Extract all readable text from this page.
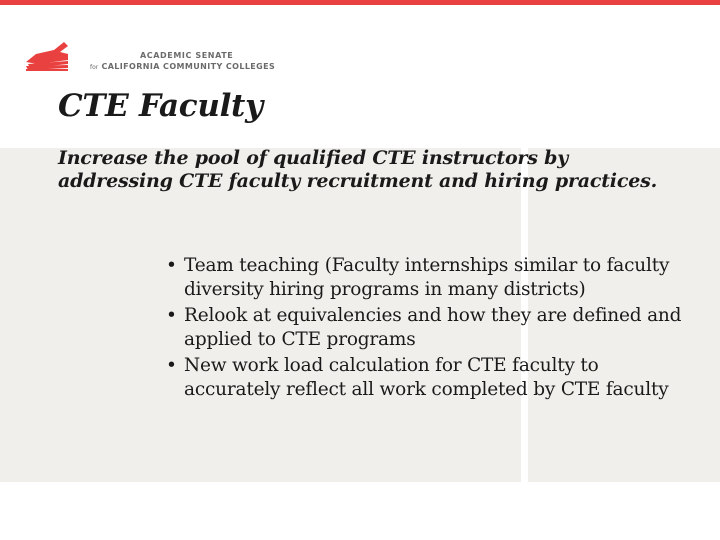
ACADEMIC SENATE
for CALIFORNIA COMMUNITY COLLEGES
CTE Faculty

Increase the pool of qualified CTE instructors by addressing CTE faculty recruitment and hiring practices.

• Team teaching (Faculty internships similar to faculty diversity hiring programs in many districts)
• Relook at equivalencies and how they are defined and applied to CTE programs
• New work load calculation for CTE faculty to accurately reflect all work completed by CTE faculty
